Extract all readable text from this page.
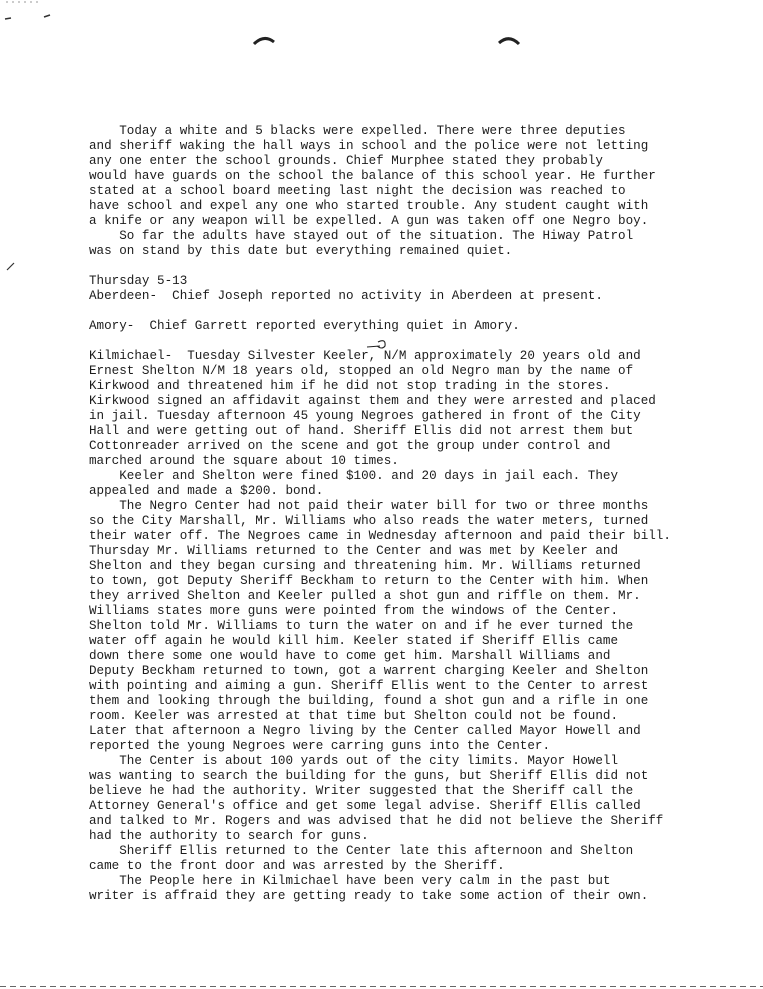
Today a white and 5 blacks were expelled. There were three deputies
and sheriff waking the hall ways in school and the police were not letting
any one enter the school grounds. Chief Murphee stated they probably
would have guards on the school the balance of this school year. He further
stated at a school board meeting last night the decision was reached to
have school and expel any one who started trouble. Any student caught with
a knife or any weapon will be expelled. A gun was taken off one Negro boy.
So far the adults have stayed out of the situation. The Hiway Patrol
was on stand by this date but everything remained quiet.
Thursday 5-13
Aberdeen-  Chief Joseph reported no activity in Aberdeen at present.
Amory-  Chief Garrett reported everything quiet in Amory.
Kilmichael-  Tuesday Silvester Keeler, N/M approximately 20 years old and
Ernest Shelton N/M 18 years old, stopped an old Negro man by the name of
Kirkwood and threatened him if he did not stop trading in the stores.
Kirkwood signed an affidavit against them and they were arrested and placed
in jail. Tuesday afternoon 45 young Negroes gathered in front of the City
Hall and were getting out of hand. Sheriff Ellis did not arrest them but
Cottonreader arrived on the scene and got the group under control and
marched around the square about 10 times.
Keeler and Shelton were fined $100. and 20 days in jail each. They
appealed and made a $200. bond.
The Negro Center had not paid their water bill for two or three months
so the City Marshall, Mr. Williams who also reads the water meters, turned
their water off. The Negroes came in Wednesday afternoon and paid their bill.
Thursday Mr. Williams returned to the Center and was met by Keeler and
Shelton and they began cursing and threatening him. Mr. Williams returned
to town, got Deputy Sheriff Beckham to return to the Center with him. When
they arrived Shelton and Keeler pulled a shot gun and riffle on them. Mr.
Williams states more guns were pointed from the windows of the Center.
Shelton told Mr. Williams to turn the water on and if he ever turned the
water off again he would kill him. Keeler stated if Sheriff Ellis came
down there some one would have to come get him. Marshall Williams and
Deputy Beckham returned to town, got a warrent charging Keeler and Shelton
with pointing and aiming a gun. Sheriff Ellis went to the Center to arrest
them and looking through the building, found a shot gun and a rifle in one
room. Keeler was arrested at that time but Shelton could not be found.
Later that afternoon a Negro living by the Center called Mayor Howell and
reported the young Negroes were carring guns into the Center.
The Center is about 100 yards out of the city limits. Mayor Howell
was wanting to search the building for the guns, but Sheriff Ellis did not
believe he had the authority. Writer suggested that the Sheriff call the
Attorney General's office and get some legal advise. Sheriff Ellis called
and talked to Mr. Rogers and was advised that he did not believe the Sheriff
had the authority to search for guns.
Sheriff Ellis returned to the Center late this afternoon and Shelton
came to the front door and was arrested by the Sheriff.
The People here in Kilmichael have been very calm in the past but
writer is affraid they are getting ready to take some action of their own.
